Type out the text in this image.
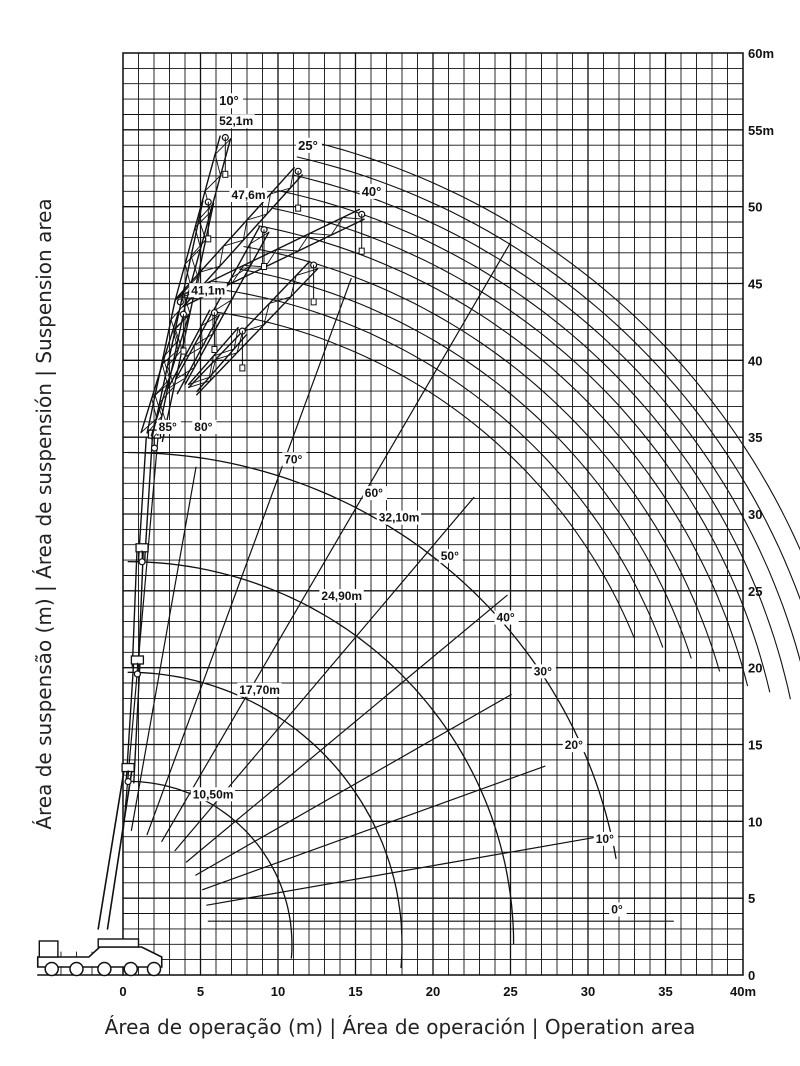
0°
10°
20°
30°
40°
50°
60°
70°
80°
85°
10,50m
17,70m
24,90m
32,10m
41,1m
47,6m
52,1m
10°
25°
40°
0	5	10	15	20	25	30	35	40m
0
5
10
15
20
25
30
35
40
45
50
55m
60m
Área de operação (m) | Área de operación | Operation area
Área de suspensão (m) | Área de suspensión | Suspension area
